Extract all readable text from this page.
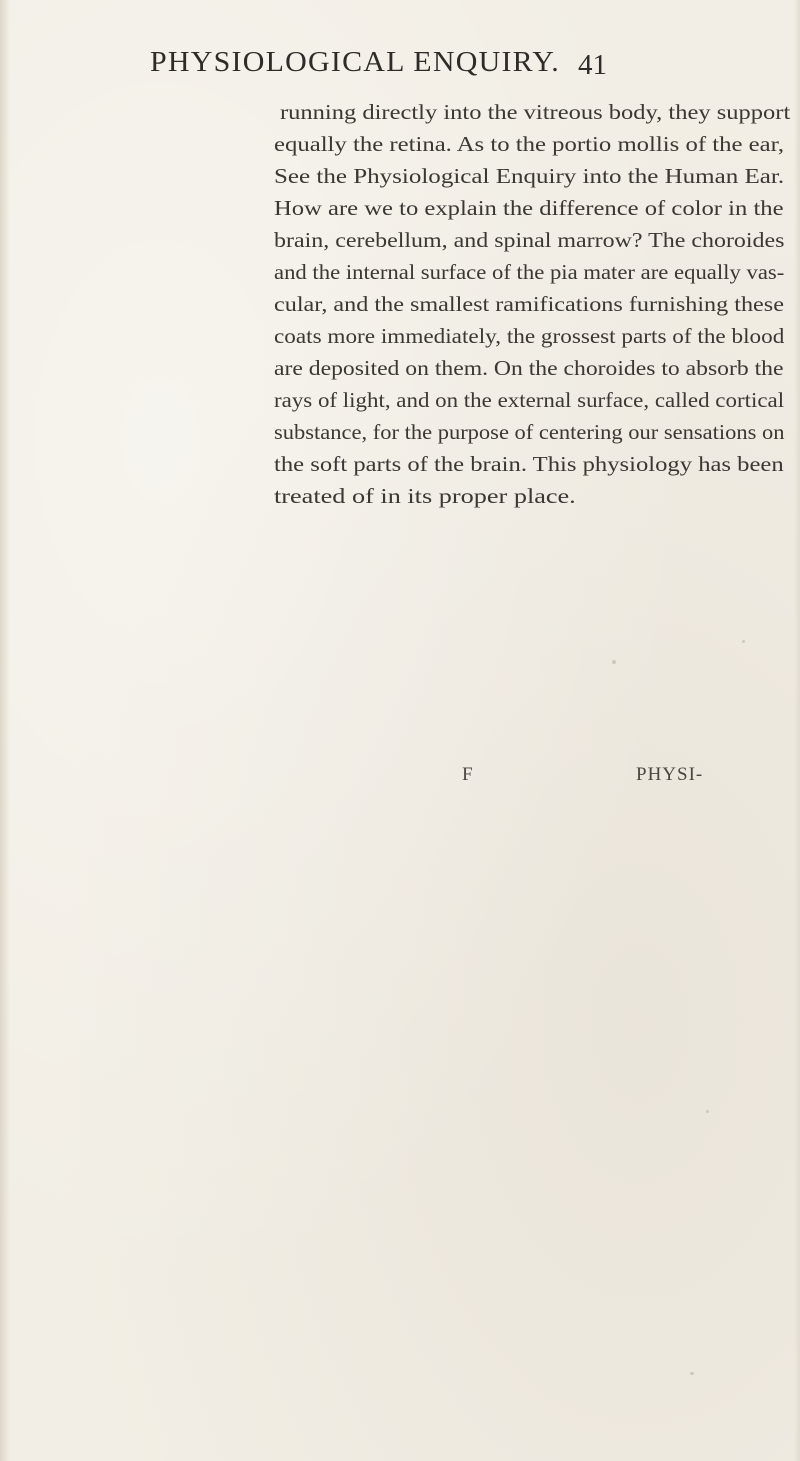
PHYSIOLOGICAL ENQUIRY. 41
running directly into the vitreous body, they support
equally the retina. As to the portio mollis of the ear,
See the Physiological Enquiry into the Human Ear.
How are we to explain the difference of color in the
brain, cerebellum, and spinal marrow? The choroides
and the internal surface of the pia mater are equally vas-
cular, and the smallest ramifications furnishing these
coats more immediately, the grossest parts of the blood
are deposited on them. On the choroides to absorb the
rays of light, and on the external surface, called cortical
substance, for the purpose of centering our sensations on
the soft parts of the brain. This physiology has been
treated of in its proper place.
F	PHYSI-
